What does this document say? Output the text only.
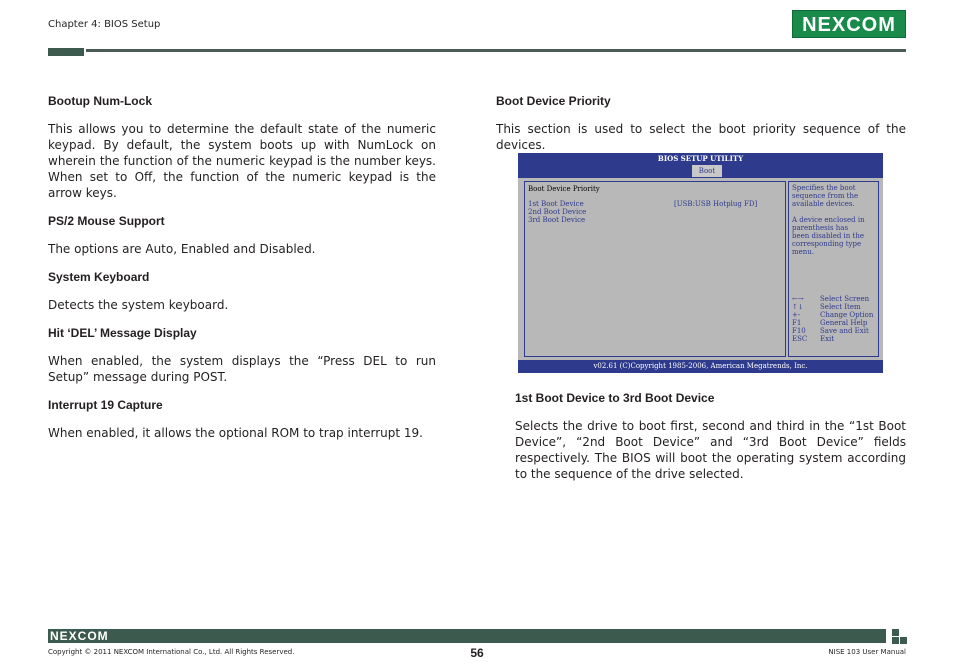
Chapter 4: BIOS Setup	NEXCOM
Bootup Num-Lock
This allows you to determine the default state of the numeric keypad. By default, the system boots up with NumLock on wherein the function of the numeric keypad is the number keys. When set to Off, the function of the numeric keypad is the arrow keys.
PS/2 Mouse Support
The options are Auto, Enabled and Disabled.
System Keyboard
Detects the system keyboard.
Hit ‘DEL’ Message Display
When enabled, the system displays the “Press DEL to run Setup” message during POST.
Interrupt 19 Capture
When enabled, it allows the optional ROM to trap interrupt 19.
Boot Device Priority
This section is used to select the boot priority sequence of the devices.
BIOS SETUP UTILITY
Boot
Boot Device Priority
1st Boot Device	[USB:USB Hotplug FD]
2nd Boot Device
3rd Boot Device
Specifies the boot sequence from the available devices.
A device enclosed in parenthesis has been disabled in the corresponding type menu.
←→ Select Screen
↑↓ Select Item
+-	Change Option
F1	General Help
F10 Save and Exit
ESC Exit
v02.61 (C)Copyright 1985-2006, American Megatrends, Inc.
1st Boot Device to 3rd Boot Device
Selects the drive to boot first, second and third in the “1st Boot Device”, “2nd Boot Device” and “3rd Boot Device” fields respectively. The BIOS will boot the operating system according to the sequence of the drive selected.
NEXCOM
Copyright © 2011 NEXCOM International Co., Ltd. All Rights Reserved.	56	NISE 103 User Manual
